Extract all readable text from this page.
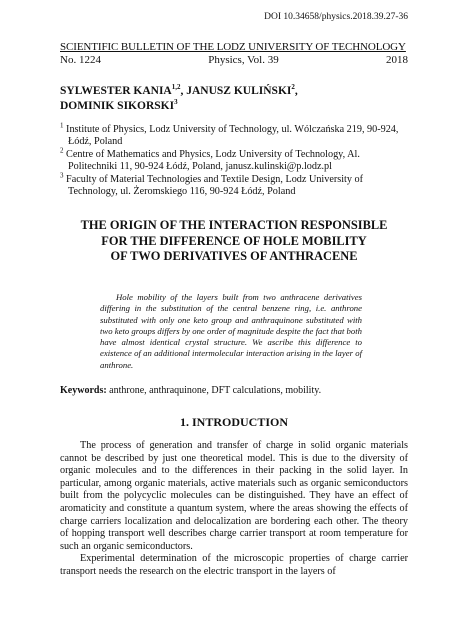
DOI 10.34658/physics.2018.39.27-36
SCIENTIFIC BULLETIN OF THE LODZ UNIVERSITY OF TECHNOLOGY
No. 1224	Physics, Vol. 39	2018
SYLWESTER KANIA$^{1,2}$, JANUSZ KULIŃSKI$^2$,
DOMINIK SIKORSKI$^3$
$^1$ Institute of Physics, Lodz University of Technology, ul. Wólczańska 219, 90-924, Łódź, Poland
$^2$ Centre of Mathematics and Physics, Lodz University of Technology, Al. Politechniki 11, 90-924 Łódź, Poland, janusz.kulinski@p.lodz.pl
$^3$ Faculty of Material Technologies and Textile Design, Lodz University of Technology, ul. Żeromskiego 116, 90-924 Łódź, Poland
THE ORIGIN OF THE INTERACTION RESPONSIBLE
FOR THE DIFFERENCE OF HOLE MOBILITY
OF TWO DERIVATIVES OF ANTHRACENE
Hole mobility of the layers built from two anthracene derivatives differing in the substitution of the central benzene ring, i.e. anthrone substituted with only one keto group and anthraquinone substituted with two keto groups differs by one order of magnitude despite the fact that both have almost identical crystal structure. We ascribe this difference to existence of an additional intermolecular interaction arising in the layer of anthrone.
Keywords: anthrone, anthraquinone, DFT calculations, mobility.
1. INTRODUCTION

The process of generation and transfer of charge in solid organic materials cannot be described by just one theoretical model. This is due to the diversity of organic molecules and to the differences in their packing in the solid layer. In particular, among organic materials, active materials such as organic semiconductors built from the polycyclic molecules can be distinguished. They have an effect of aromaticity and constitute a quantum system, where the areas showing the effects of charge carriers localization and delocalization are bordering each other. The theory of hopping transport well describes charge carrier transport at room temperature for such an organic semiconductors.

Experimental determination of the microscopic properties of charge carrier transport needs the research on the electric transport in the layers of
